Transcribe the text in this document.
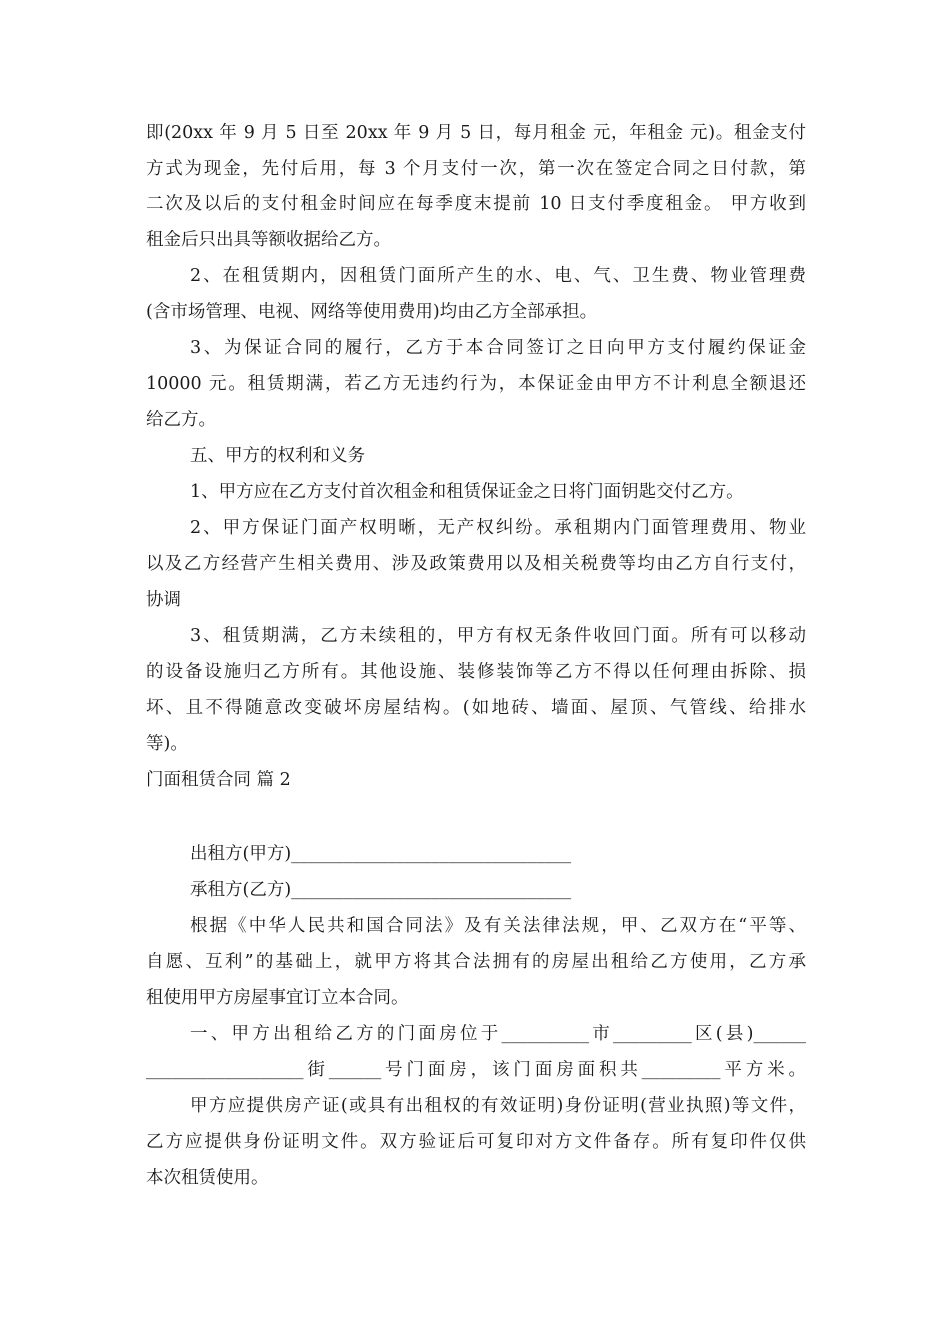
即(20xx 年 9 月 5 日至 20xx 年 9 月 5 日，每月租金 元，年租金 元)。租金支付
方式为现金，先付后用，每 3 个月支付一次，第一次在签定合同之日付款，第
二次及以后的支付租金时间应在每季度末提前 10 日支付季度租金。 甲方收到
租金后只出具等额收据给乙方。
2、在租赁期内，因租赁门面所产生的水、电、气、卫生费、物业管理费
(含市场管理、电视、网络等使用费用)均由乙方全部承担。
3、为保证合同的履行，乙方于本合同签订之日向甲方支付履约保证金
10000 元。租赁期满，若乙方无违约行为，本保证金由甲方不计利息全额退还
给乙方。
五、甲方的权利和义务
1、甲方应在乙方支付首次租金和租赁保证金之日将门面钥匙交付乙方。
2、甲方保证门面产权明晰，无产权纠纷。承租期内门面管理费用、物业
以及乙方经营产生相关费用、涉及政策费用以及相关税费等均由乙方自行支付，
协调
3、租赁期满，乙方未续租的，甲方有权无条件收回门面。所有可以移动
的设备设施归乙方所有。其他设施、装修装饰等乙方不得以任何理由拆除、损
坏、且不得随意改变破坏房屋结构。(如地砖、墙面、屋顶、气管线、给排水
等)。
门面租赁合同 篇 2
出租方(甲方)________________________________
承租方(乙方)________________________________
根据《中华人民共和国合同法》及有关法律法规，甲、乙双方在“平等、
自愿、互利”的基础上，就甲方将其合法拥有的房屋出租给乙方使用，乙方承
租使用甲方房屋事宜订立本合同。
一、甲方出租给乙方的门面房位于__________市_________区(县)______
__________________街______号门面房，该门面房面积共_________平方米。
甲方应提供房产证(或具有出租权的有效证明)身份证明(营业执照)等文件，
乙方应提供身份证明文件。双方验证后可复印对方文件备存。所有复印件仅供
本次租赁使用。
